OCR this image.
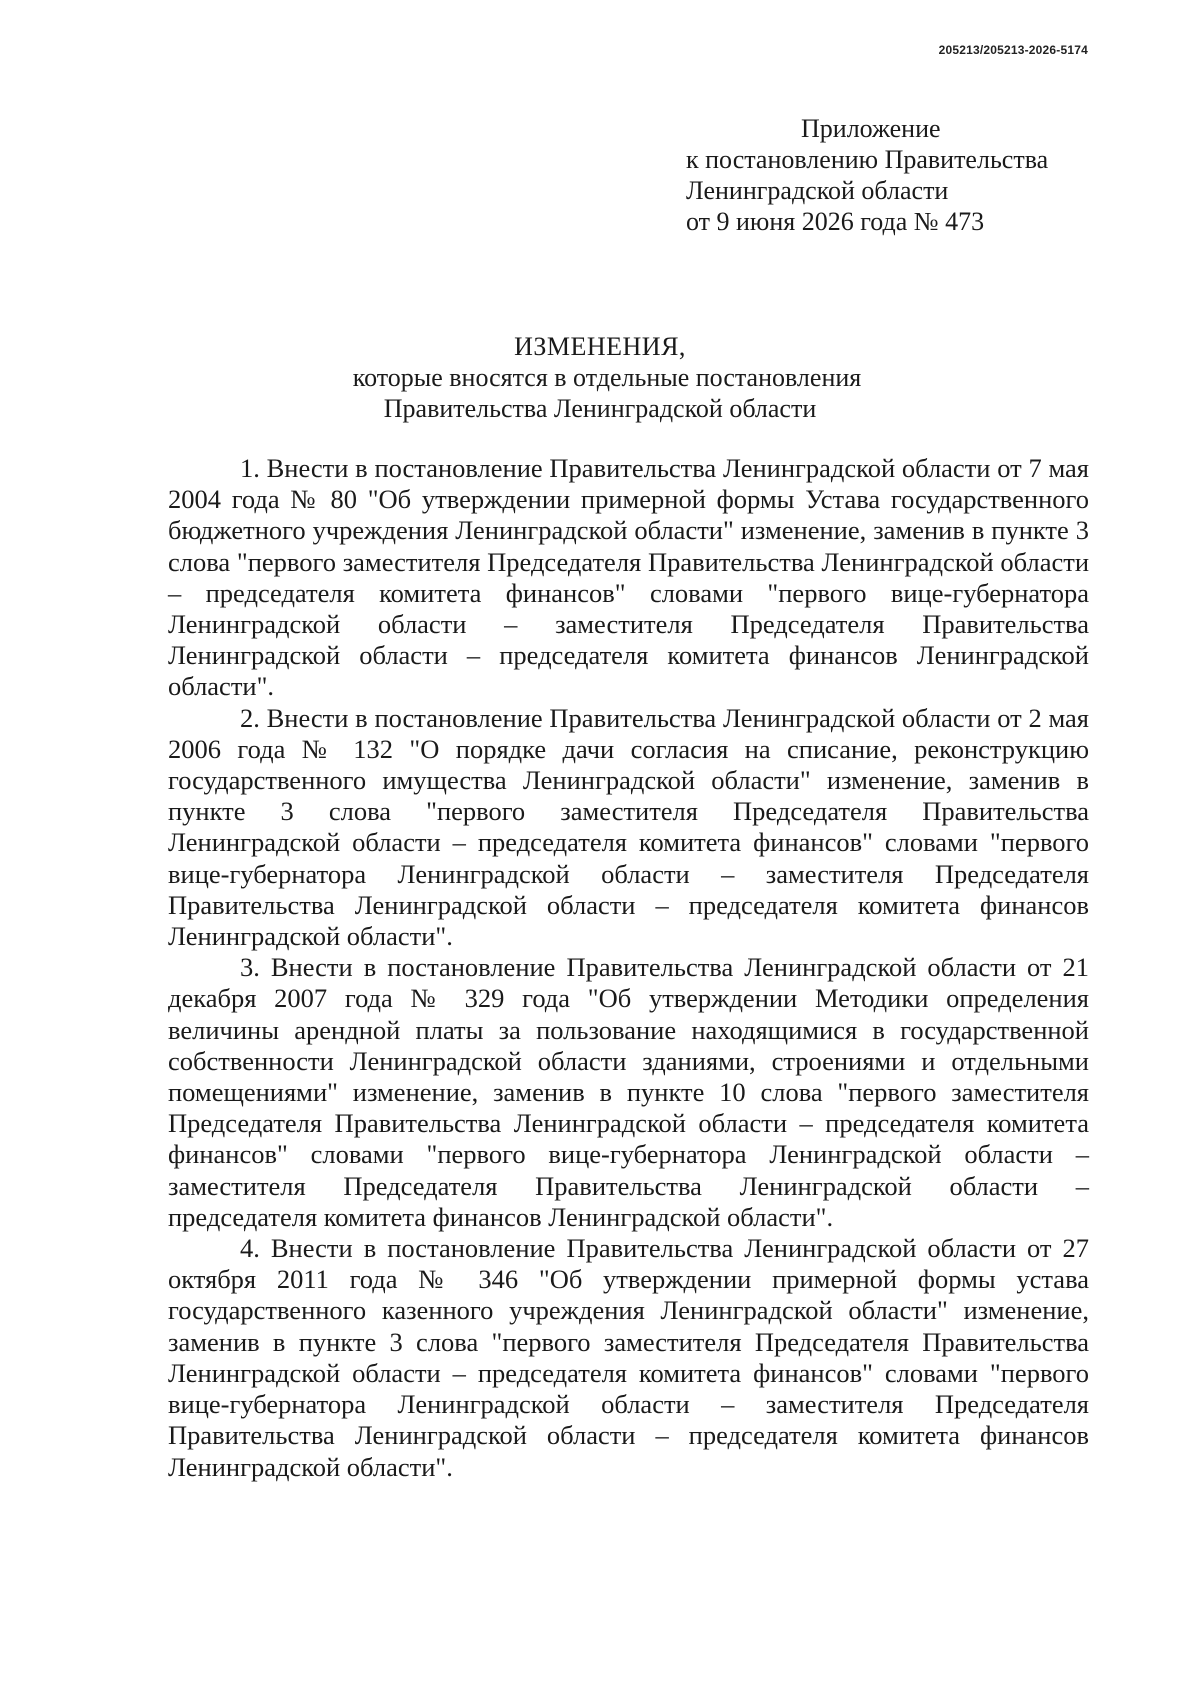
205213/205213-2026-5174
Приложение
к постановлению Правительства
Ленинградской области
от 9 июня 2026 года № 473
ИЗМЕНЕНИЯ,
которые вносятся в отдельные постановления
Правительства Ленинградской области

1. Внести в постановление Правительства Ленинградской области от 7 мая 2004 года № 80 "Об утверждении примерной формы Устава государственного бюджетного учреждения Ленинградской области" изменение, заменив в пункте 3 слова "первого заместителя Председателя Правительства Ленинградской области – председателя комитета финансов" словами "первого вице-губернатора Ленинградской области – заместителя Председателя Правительства Ленинградской области – председателя комитета финансов Ленинградской области".

2. Внести в постановление Правительства Ленинградской области от 2 мая 2006 года № 132 "О порядке дачи согласия на списание, реконструкцию государственного имущества Ленинградской области" изменение, заменив в пункте 3 слова "первого заместителя Председателя Правительства Ленинградской области – председателя комитета финансов" словами "первого вице-губернатора Ленинградской области – заместителя Председателя Правительства Ленинградской области – председателя комитета финансов Ленинградской области".

3. Внести в постановление Правительства Ленинградской области от 21 декабря 2007 года № 329 года "Об утверждении Методики определения величины арендной платы за пользование находящимися в государственной собственности Ленинградской области зданиями, строениями и отдельными помещениями" изменение, заменив в пункте 10 слова "первого заместителя Председателя Правительства Ленинградской области – председателя комитета финансов" словами "первого вице-губернатора Ленинградской области – заместителя Председателя Правительства Ленинградской области – председателя комитета финансов Ленинградской области".

4. Внести в постановление Правительства Ленинградской области от 27 октября 2011 года № 346 "Об утверждении примерной формы устава государственного казенного учреждения Ленинградской области" изменение, заменив в пункте 3 слова "первого заместителя Председателя Правительства Ленинградской области – председателя комитета финансов" словами "первого вице-губернатора Ленинградской области – заместителя Председателя Правительства Ленинградской области – председателя комитета финансов Ленинградской области".
